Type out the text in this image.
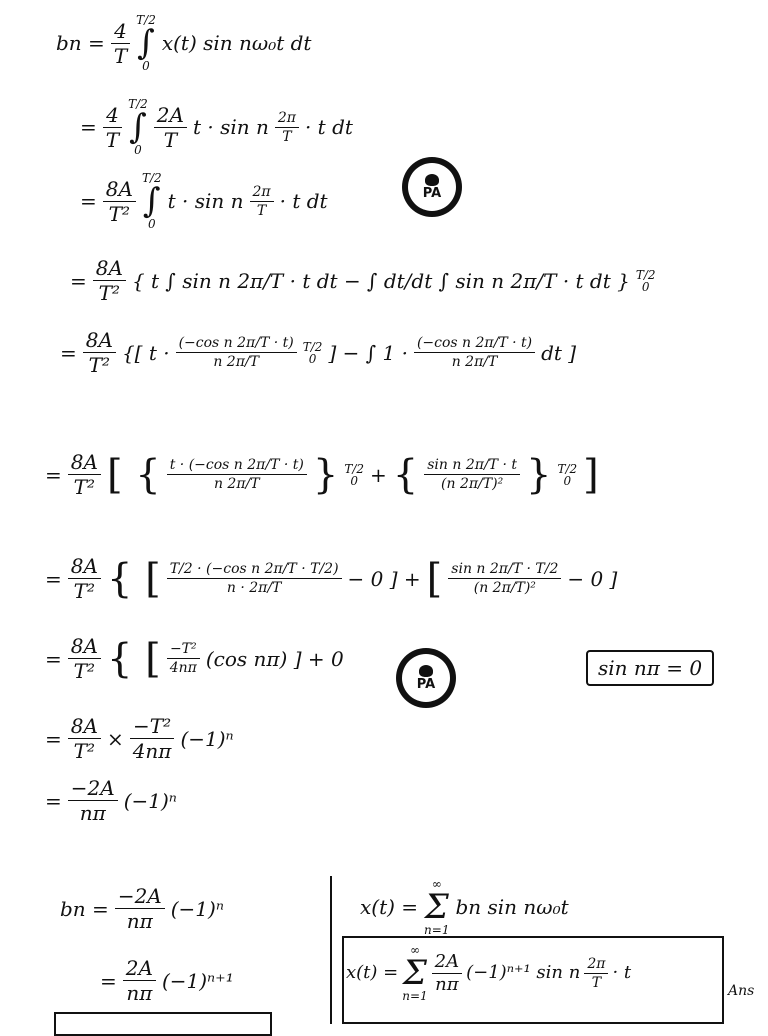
bn = $\frac{4}{T}$
T/2
∫
0
x(t) sin nω₀t dt
= $\frac{4}{T}$
T/2
∫
0
$\frac{2A}{T}$ t · sin n $\frac{2\pi}{T} \cdot t$ dt
= $\frac{8A}{\text{T²}}$
T/2
∫
0
t · sin n $\frac{2\pi}{T} \cdot t$ dt	PA
= $\frac{8A}{\text{T²}}$ { t ∫ sin n 2π/T · t dt − ∫ dt/dt ∫ sin n 2π/T · t dt } T/2
0
= $\frac{8A}{\text{T²}}$ {[ $t \cdot \frac{\text{(−cos n 2π/T · t)}}{n 2\pi/T} T/2$
0 ] − ∫ $1 \cdot \frac{\text{(−cos n 2π/T · t)}}{n 2\pi/T}$ dt ]
= $\frac{8A}{\text{T²}}$ [ { $\frac{\text{t · (−cos n 2π/T · t)}}{n 2\pi/T}$ } T/2
0 + { $\frac{\text{sin n 2π/T · t}}{\text{(n 2π/T)²}}$ } T/2
0 ]
= $\frac{8A}{\text{T²}}$ { [ $\frac{\text{T/2 · (−cos n 2π/T · T/2)}}{n \cdot 2\pi/T} - 0$ ] + [ $\frac{\text{sin n 2π/T · T/2}}{\text{(n 2π/T)²}} - 0$ ]
= $\frac{8A}{\text{T²}}$ { [ $\frac{\text{−T²}}{4n\pi} (\cos$ nπ) ] + 0
PA
sin nπ = 0
= $\frac{8A}{\text{T²}} \times \frac{\text{−T²}}{4n\pi} (-1)^n$
= $\frac{-2A}{n\pi} (-1)^n$
bn = $\frac{-2A}{n\pi} (-1)^n$
= $\frac{2A}{n\pi} (-1)^{n+1}$
x(t) =
∞
Σ
n=1
bn sin nω₀t
x(t) =
∞
Σ
n=1
$\frac{2A}{n\pi} (-1)^{n+1}$ sin n $\frac{2\pi}{T} \cdot t$
Ans
